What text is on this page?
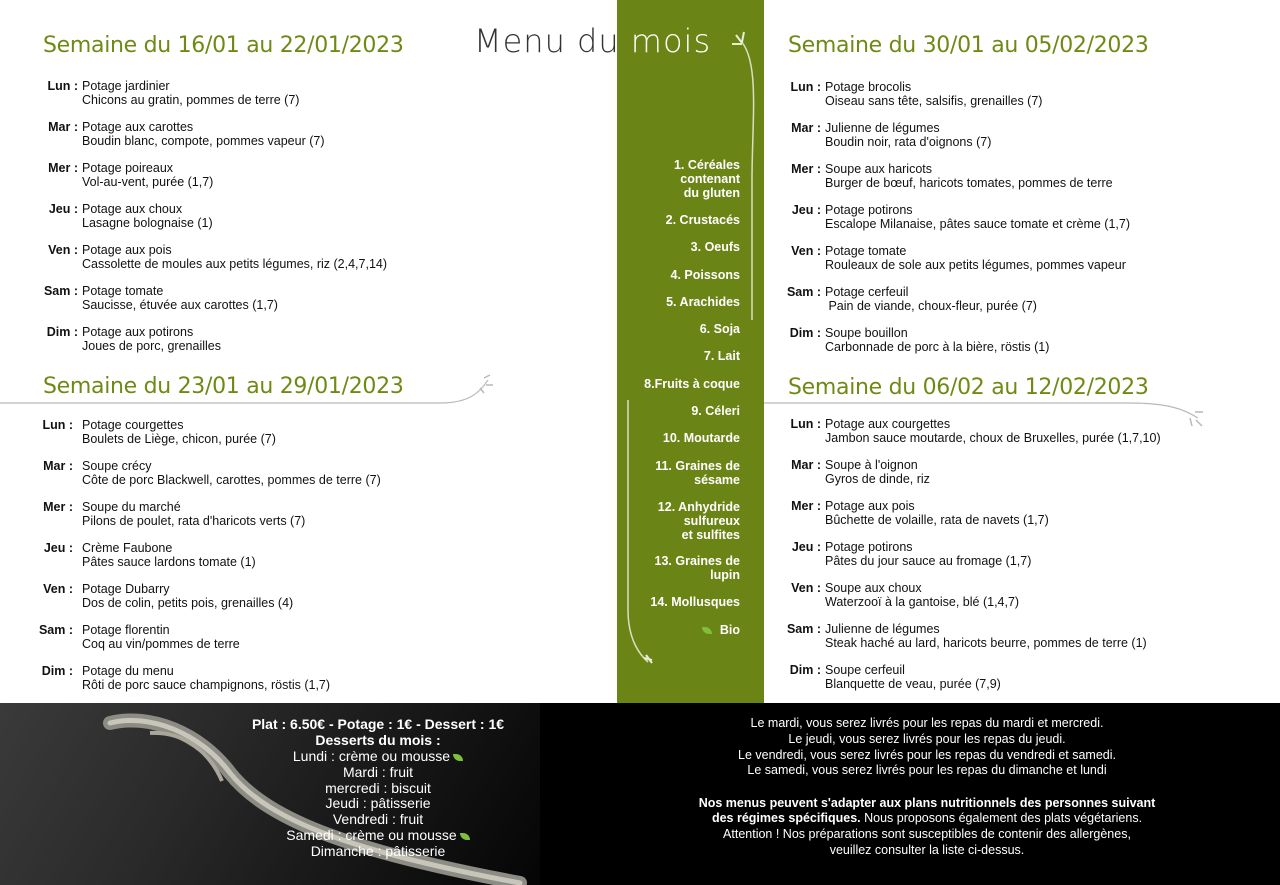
Menu du mois
Semaine du 16/01 au 22/01/2023
Semaine du 23/01 au 29/01/2023
Semaine du 30/01 au 05/02/2023
Semaine du 06/02 au 12/02/2023
Lun : Potage jardinier
Chicons au gratin, pommes de terre (7)
Mar : Potage aux carottes
Boudin blanc, compote, pommes vapeur (7)
Mer : Potage poireaux
Vol-au-vent, purée (1,7)
Jeu : Potage aux choux
Lasagne bolognaise (1)
Ven : Potage aux pois
Cassolette de moules aux petits légumes, riz (2,4,7,14)
Sam : Potage tomate
Saucisse, étuvée aux carottes (1,7)
Dim : Potage aux potirons
Joues de porc, grenailles
Lun : Potage courgettes
Boulets de Liège, chicon, purée (7)
Mar : Soupe crécy
Côte de porc Blackwell, carottes, pommes de terre (7)
Mer : Soupe du marché
Pilons de poulet, rata d'haricots verts (7)
Jeu : Crème Faubone
Pâtes sauce lardons tomate (1)
Ven : Potage Dubarry
Dos de colin, petits pois, grenailles (4)
Sam : Potage florentin
Coq au vin/pommes de terre
Dim : Potage du menu
Rôti de porc sauce champignons, röstis (1,7)
Lun : Potage brocolis
Oiseau sans tête, salsifis, grenailles (7)
Mar : Julienne de légumes
Boudin noir, rata d'oignons (7)
Mer : Soupe aux haricots
Burger de bœuf, haricots tomates, pommes de terre
Jeu : Potage potirons
Escalope Milanaise, pâtes sauce tomate et crème (1,7)
Ven : Potage tomate
Rouleaux de sole aux petits légumes, pommes vapeur
Sam : Potage cerfeuil
Pain de viande, choux-fleur, purée (7)
Dim : Soupe bouillon
Carbonnade de porc à la bière, röstis (1)
Lun : Potage aux courgettes
Jambon sauce moutarde, choux de Bruxelles, purée (1,7,10)
Mar : Soupe à l'oignon
Gyros de dinde, riz
Mer : Potage aux pois
Bûchette de volaille, rata de navets (1,7)
Jeu : Potage potirons
Pâtes du jour sauce au fromage (1,7)
Ven : Soupe aux choux
Waterzooï à la gantoise, blé (1,4,7)
Sam : Julienne de légumes
Steak haché au lard, haricots beurre, pommes de terre (1)
Dim : Soupe cerfeuil
Blanquette de veau, purée (7,9)
1. Céréales
contenant
du gluten
2. Crustacés
3. Oeufs
4. Poissons
5. Arachides
6. Soja
7. Lait
8.Fruits à coque
9. Céleri
10. Moutarde
11. Graines de
sésame
12. Anhydride
sulfureux
et sulfites
13. Graines de
lupin
14. Mollusques
Bio
Plat : 6.50€ - Potage : 1€ - Dessert : 1€
Desserts du mois :
Lundi : crème ou mousse
Mardi : fruit
mercredi : biscuit
Jeudi : pâtisserie
Vendredi : fruit
Samedi : crème ou mousse
Dimanche : pâtisserie
Le mardi, vous serez livrés pour les repas du mardi et mercredi.
Le jeudi, vous serez livrés pour les repas du jeudi.
Le vendredi, vous serez livrés pour les repas du vendredi et samedi.
Le samedi, vous serez livrés pour les repas du dimanche et lundi
Nos menus peuvent s'adapter aux plans nutritionnels des personnes suivant
des régimes spécifiques. Nous proposons également des plats végétariens.
Attention ! Nos préparations sont susceptibles de contenir des allergènes,
veuillez consulter la liste ci-dessus.
